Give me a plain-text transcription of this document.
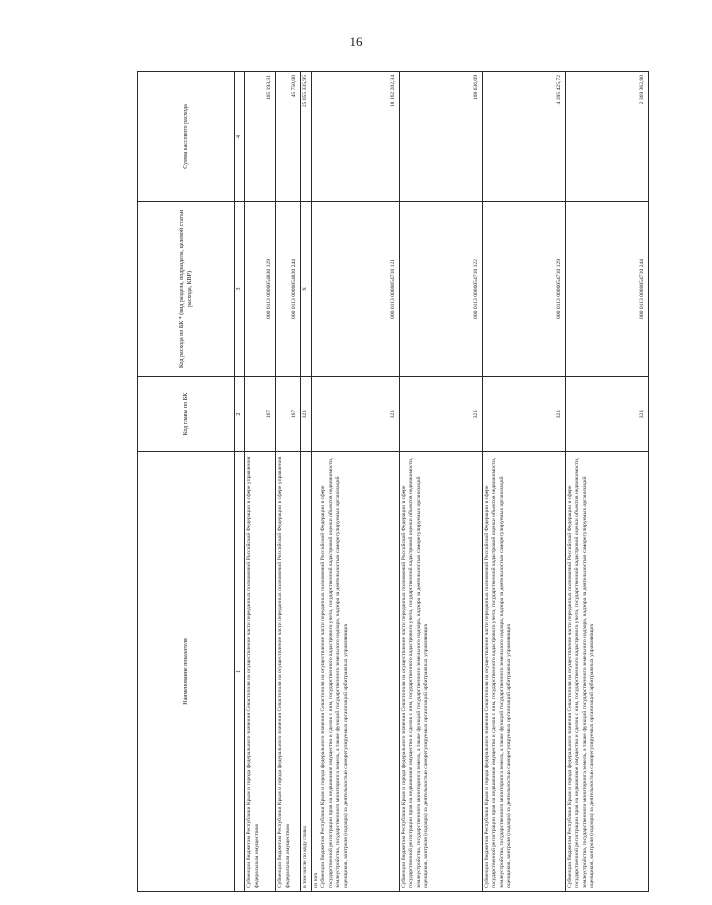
16
Наименование показателя	Код главы по БК	Код расхода по БК * (вид раздела, подраздела, целевой статьи расхода, КВР)	Сумма кассового расхода
1	2	3	4
Субвенции бюджетам Республики Крым и города федерального значения Севастополя на осуществление части переданных полномочий Российской Федерации в сфере управления федеральным имуществом	167	000 0113 0000054830 129	105 193,31
Субвенции бюджетам Республики Крым и города федерального значения Севастополя на осуществление части переданных полномочий Российской Федерации в сфере управления федеральным имуществом	167	000 0113 0000054830 244	45 750,00
в том числе по коду главы	321	X	25 055 335,95

из них Субвенции бюджетам Республики Крым и города федерального значения Севастополя на осуществление части переданных полномочий Российской Федерации в сфере государственной регистрации прав на недвижимое имущество и сделок с ним, государственного кадастрового учета, государственной кадастровой оценки объектов недвижимости, землеустройства, государственного мониторинга земель, а также функций государственного земельного надзора, надзора за деятельностью саморегулируемых организаций оценщиков, контроля (надзора) за деятельностью саморегулируемых организаций арбитражных управляющих	321	000 0113 0000054710 121	18 162 202,34
Субвенции бюджетам Республики Крым и города федерального значения Севастополя на осуществление части переданных полномочий Российской Федерации в сфере государственной регистрации прав на недвижимое имущество и сделок с ним, государственного кадастрового учета, государственной кадастровой оценки объектов недвижимости, землеустройства, государственного мониторинга земель, а также функций государственного земельного надзора, надзора за деятельностью саморегулируемых организаций оценщиков, контроля (надзора) за деятельностью саморегулируемых организаций арбитражных управляющих	321	000 0113 0000054710 122	108 636,09
Субвенции бюджетам Республики Крым и города федерального значения Севастополя на осуществление части переданных полномочий Российской Федерации в сфере государственной регистрации прав на недвижимое имущество и сделок с ним, государственного кадастрового учета, государственной кадастровой оценки объектов недвижимости, землеустройства, государственного мониторинга земель, а также функций государственного земельного надзора, надзора за деятельностью саморегулируемых организаций оценщиков, контроля (надзора) за деятельностью саморегулируемых организаций арбитражных управляющих	321	000 0113 0000054710 129	4 395 425,72
Субвенции бюджетам Республики Крым и города федерального значения Севастополя на осуществление части переданных полномочий Российской Федерации в сфере государственной регистрации прав на недвижимое имущество и сделок с ним, государственного кадастрового учета, государственной кадастровой оценки объектов недвижимости, землеустройства, государственного мониторинга земель, а также функций государственного земельного надзора, надзора за деятельностью саморегулируемых организаций оценщиков, контроля (надзора) за деятельностью саморегулируемых организаций арбитражных управляющих	321	000 0113 0000054710 244	2 369 362,80
